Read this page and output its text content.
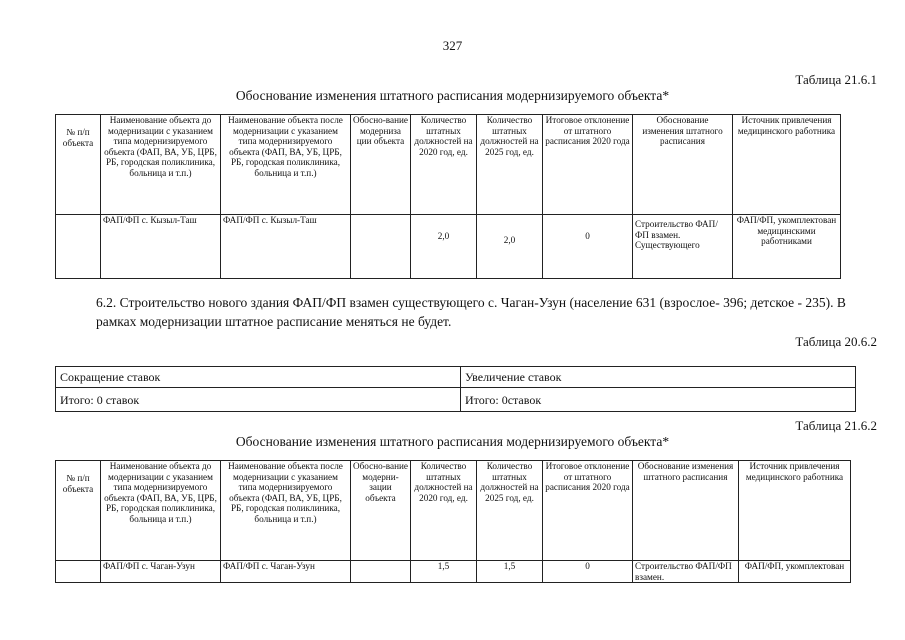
327
Таблица 21.6.1
Обоснование изменения штатного расписания модернизируемого объекта*
№ п/п объекта	Наименование объекта до модернизации с указанием типа модернизируемого объекта (ФАП, ВА, УБ, ЦРБ, РБ, городская поликлиника, больница и т.п.)	Наименование объекта после модернизации с указанием типа модернизируемого объекта (ФАП, ВА, УБ, ЦРБ, РБ, городская поликлиника, больница и т.п.)	Обосно-вание модерниза ции объекта	Количество штатных должностей на 2020 год, ед.	Количество штатных должностей на 2025 год, ед.	Итоговое отклонение от штатного расписания 2020 года	Обоснование изменения штатного расписания	Источник привлечения медицинского работника
	ФАП/ФП с. Кызыл-Таш	ФАП/ФП с. Кызыл-Таш		2,0	2,0	0	Строительство ФАП/ФП взамен. Существующего	ФАП/ФП, укомплектован медицинскими работниками

6.2. Строительство нового здания ФАП/ФП взамен существующего с. Чаган-Узун (население 631 (взрослое- 396; детское - 235). В рамках модернизации штатное расписание меняться не будет.

Таблица 20.6.2
Сокращение ставок	Увеличение ставок
Итого: 0 ставок	Итого: 0ставок
Таблица 21.6.2
Обоснование изменения штатного расписания модернизируемого объекта*
№ п/п объекта	Наименование объекта до модернизации с указанием типа модернизируемого объекта (ФАП, ВА, УБ, ЦРБ, РБ, городская поликлиника, больница и т.п.)	Наименование объекта после модернизации с указанием типа модернизируемого объекта (ФАП, ВА, УБ, ЦРБ, РБ, городская поликлиника, больница и т.п.)	Обосно-вание модерни-зации объекта	Количество штатных должностей на 2020 год, ед.	Количество штатных должностей на 2025 год, ед.	Итоговое отклонение от штатного расписания 2020 года	Обоснование изменения штатного расписания	Источник привлечения медицинского работника
	ФАП/ФП с. Чаган-Узун	ФАП/ФП с. Чаган-Узун		1,5	1,5	0	Строительство ФАП/ФП взамен.	ФАП/ФП, укомплектован
